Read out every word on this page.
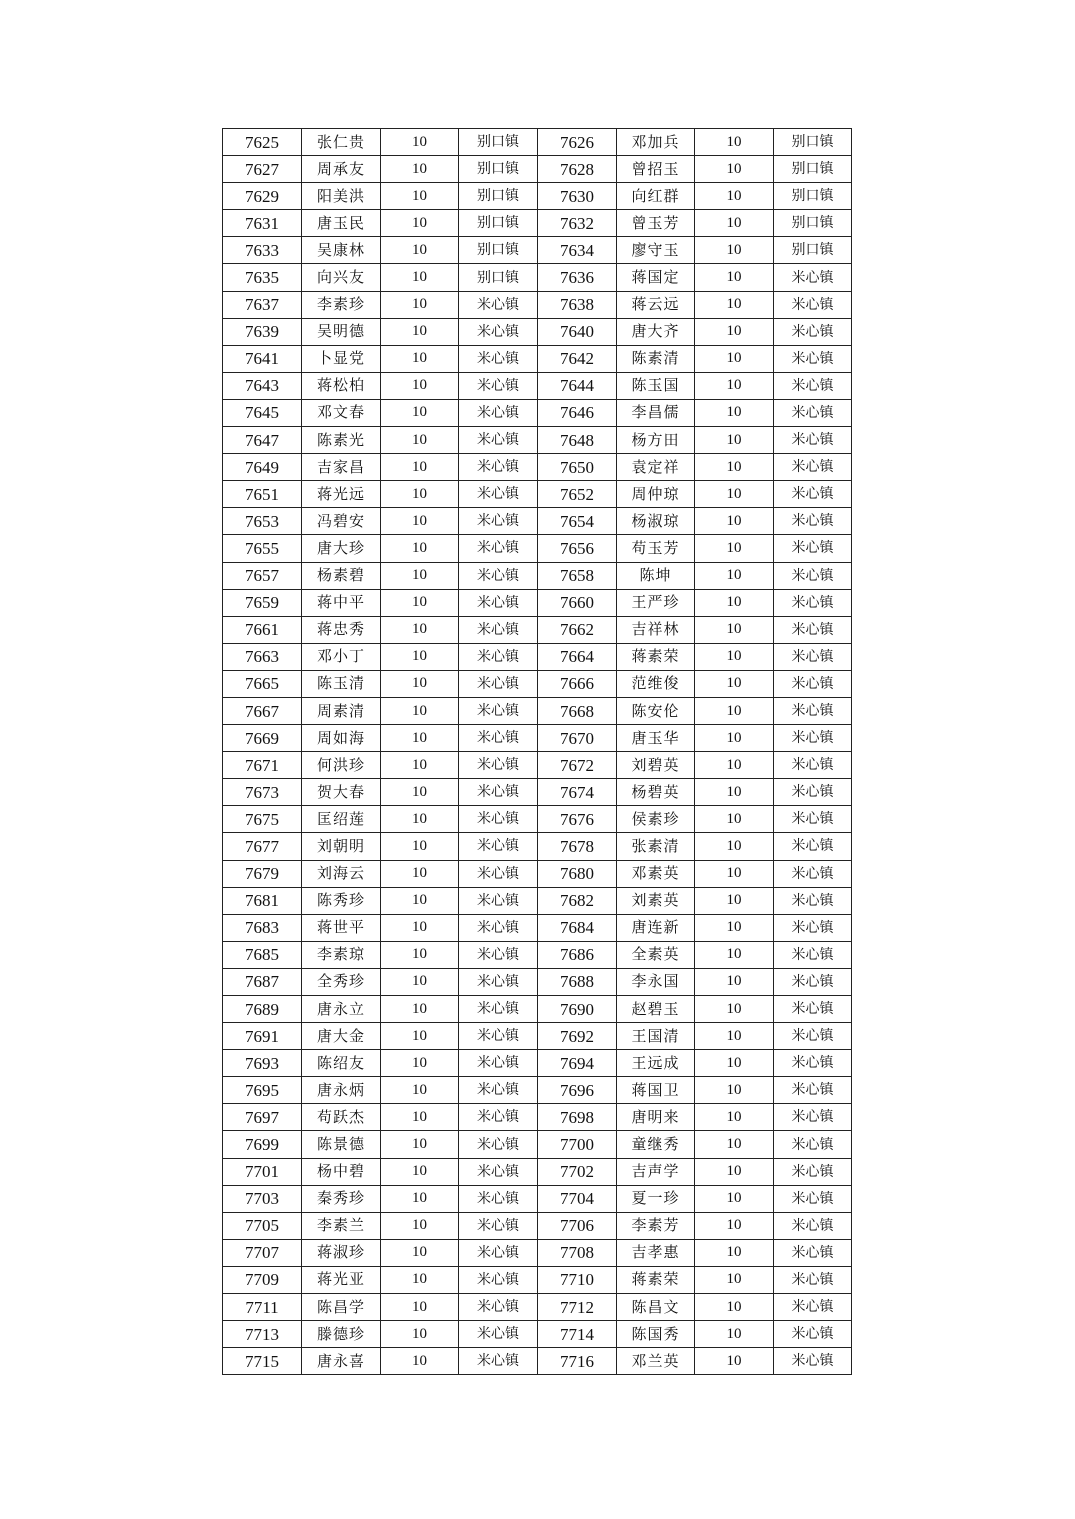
7625	张仁贵	10	别口镇	7626	邓加兵	10	别口镇
7627	周承友	10	别口镇	7628	曾招玉	10	别口镇
7629	阳美洪	10	别口镇	7630	向红群	10	别口镇
7631	唐玉民	10	别口镇	7632	曾玉芳	10	别口镇
7633	吴康林	10	别口镇	7634	廖守玉	10	别口镇
7635	向兴友	10	别口镇	7636	蒋国定	10	米心镇
7637	李素珍	10	米心镇	7638	蒋云远	10	米心镇
7639	吴明德	10	米心镇	7640	唐大齐	10	米心镇
7641	卜显党	10	米心镇	7642	陈素清	10	米心镇
7643	蒋松柏	10	米心镇	7644	陈玉国	10	米心镇
7645	邓文春	10	米心镇	7646	李昌儒	10	米心镇
7647	陈素光	10	米心镇	7648	杨方田	10	米心镇
7649	吉家昌	10	米心镇	7650	袁定祥	10	米心镇
7651	蒋光远	10	米心镇	7652	周仲琼	10	米心镇
7653	冯碧安	10	米心镇	7654	杨淑琼	10	米心镇
7655	唐大珍	10	米心镇	7656	苟玉芳	10	米心镇
7657	杨素碧	10	米心镇	7658	陈坤	10	米心镇
7659	蒋中平	10	米心镇	7660	王严珍	10	米心镇
7661	蒋忠秀	10	米心镇	7662	吉祥林	10	米心镇
7663	邓小丁	10	米心镇	7664	蒋素荣	10	米心镇
7665	陈玉清	10	米心镇	7666	范维俊	10	米心镇
7667	周素清	10	米心镇	7668	陈安伦	10	米心镇
7669	周如海	10	米心镇	7670	唐玉华	10	米心镇
7671	何洪珍	10	米心镇	7672	刘碧英	10	米心镇
7673	贺大春	10	米心镇	7674	杨碧英	10	米心镇
7675	匡绍莲	10	米心镇	7676	侯素珍	10	米心镇
7677	刘朝明	10	米心镇	7678	张素清	10	米心镇
7679	刘海云	10	米心镇	7680	邓素英	10	米心镇
7681	陈秀珍	10	米心镇	7682	刘素英	10	米心镇
7683	蒋世平	10	米心镇	7684	唐连新	10	米心镇
7685	李素琼	10	米心镇	7686	全素英	10	米心镇
7687	全秀珍	10	米心镇	7688	李永国	10	米心镇
7689	唐永立	10	米心镇	7690	赵碧玉	10	米心镇
7691	唐大金	10	米心镇	7692	王国清	10	米心镇
7693	陈绍友	10	米心镇	7694	王远成	10	米心镇
7695	唐永炳	10	米心镇	7696	蒋国卫	10	米心镇
7697	苟跃杰	10	米心镇	7698	唐明来	10	米心镇
7699	陈景德	10	米心镇	7700	童继秀	10	米心镇
7701	杨中碧	10	米心镇	7702	吉声学	10	米心镇
7703	秦秀珍	10	米心镇	7704	夏一珍	10	米心镇
7705	李素兰	10	米心镇	7706	李素芳	10	米心镇
7707	蒋淑珍	10	米心镇	7708	吉孝惠	10	米心镇
7709	蒋光亚	10	米心镇	7710	蒋素荣	10	米心镇
7711	陈昌学	10	米心镇	7712	陈昌文	10	米心镇
7713	滕德珍	10	米心镇	7714	陈国秀	10	米心镇
7715	唐永喜	10	米心镇	7716	邓兰英	10	米心镇
